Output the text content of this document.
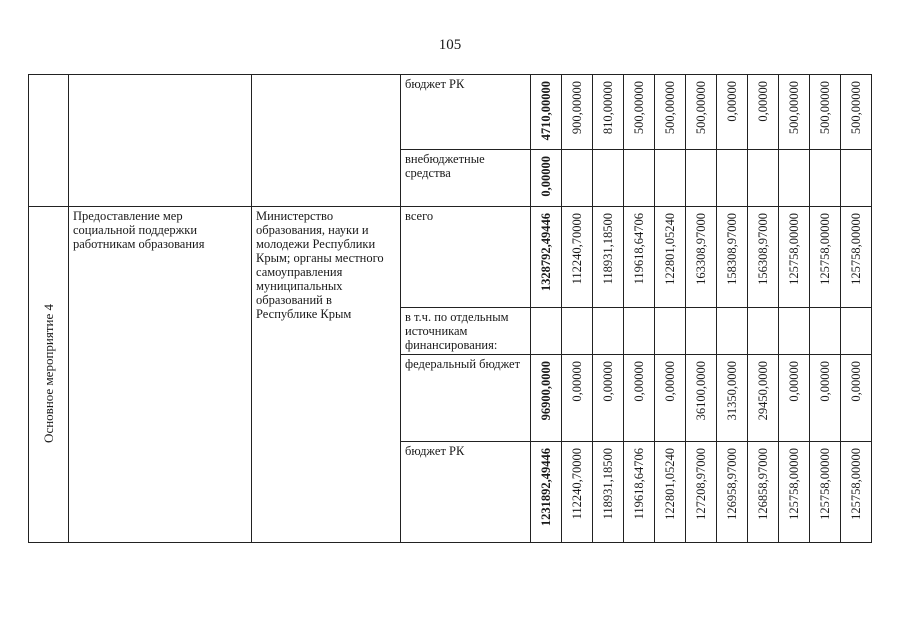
105

			бюджет РК	4710,00000	900,00000	810,00000	500,00000	500,00000	500,00000	0,00000	0,00000	500,00000	500,00000	500,00000

			внебюджетные средства	0,00000										

Основное мероприятие 4	Предоставление мер социальной поддержки работникам образования	Министерство образования, науки и молодежи Республики Крым; органы местного самоуправления муниципальных образований в Республике Крым	всего	1328792,49446	112240,70000	118931,18500	119618,64706	122801,05240	163308,97000	158308,97000	156308,97000	125758,00000	125758,00000	125758,00000

			в т.ч. по отдельным источникам финансирования:											

			федеральный бюджет	96900,0000	0,00000	0,00000	0,00000	0,00000	36100,0000	31350,0000	29450,0000	0,00000	0,00000	0,00000

			бюджет РК	1231892,49446	112240,70000	118931,18500	119618,64706	122801,05240	127208,97000	126958,97000	126858,97000	125758,00000	125758,00000	125758,00000
